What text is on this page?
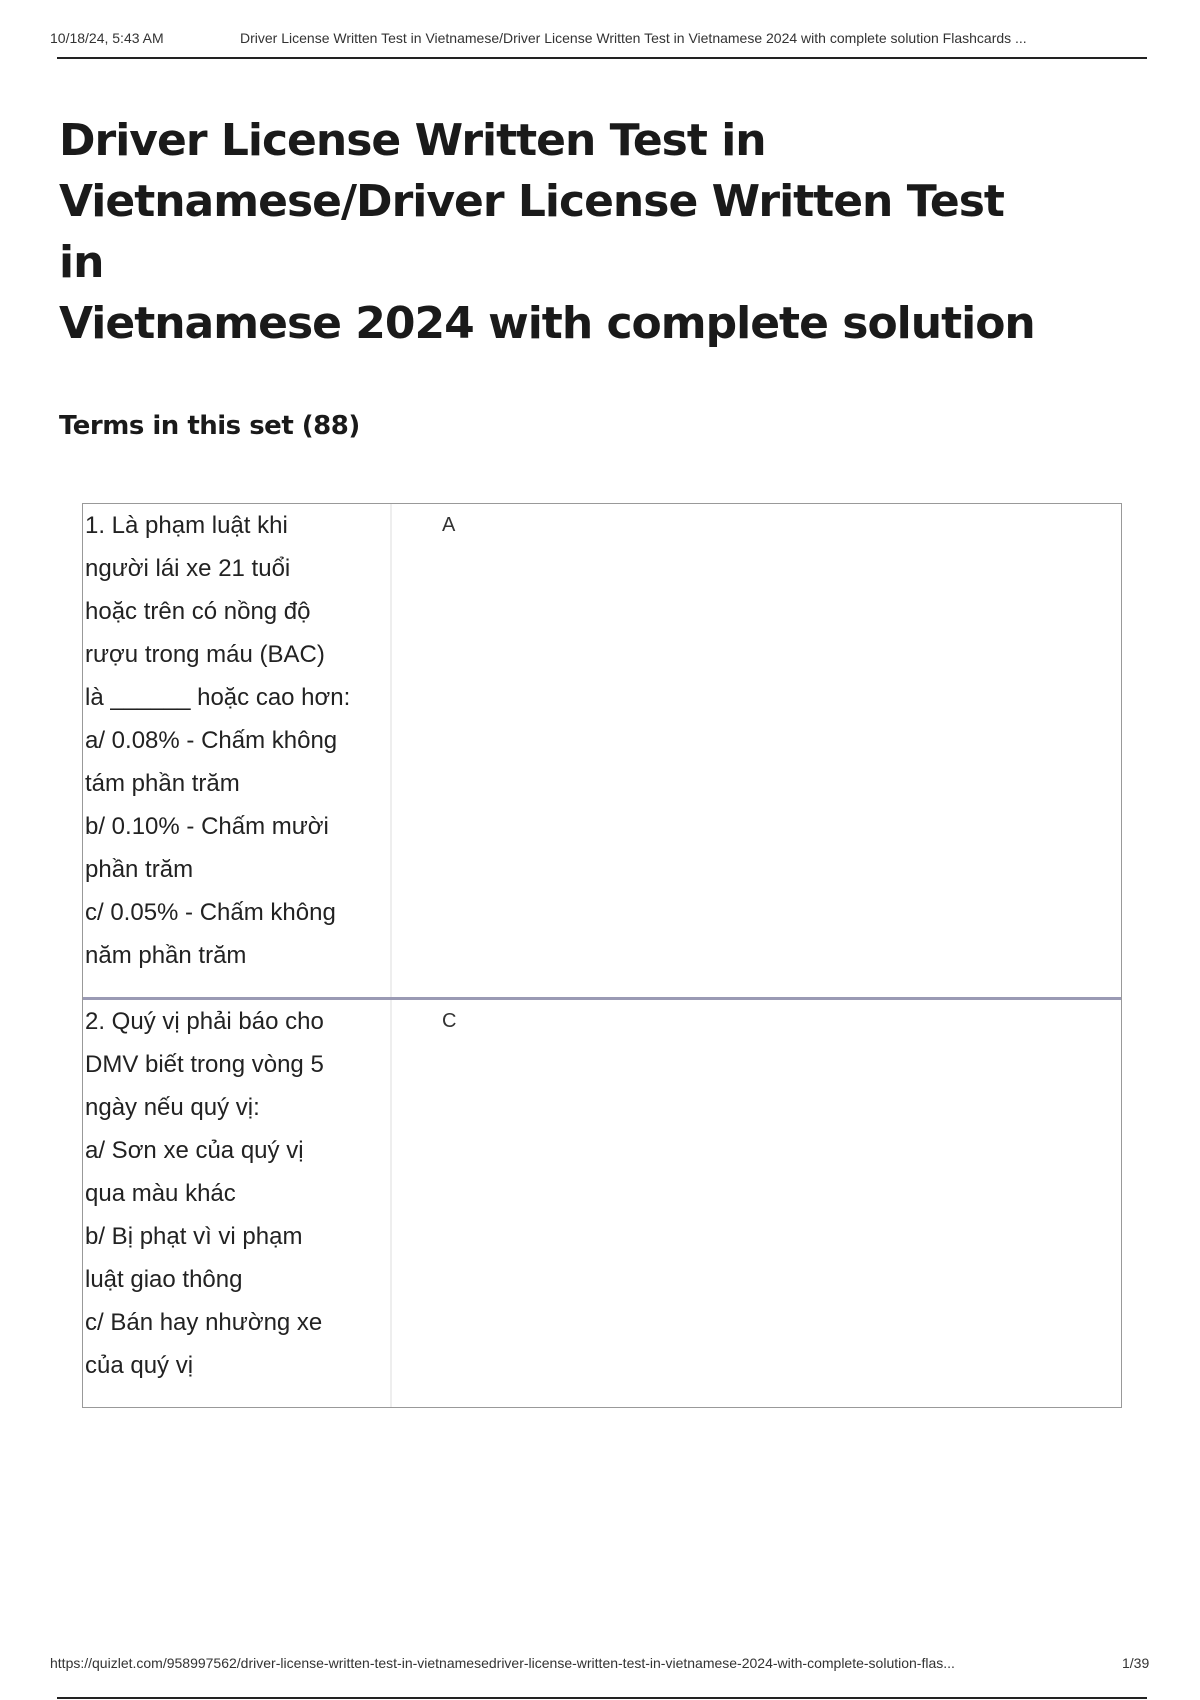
10/18/24, 5:43 AM	Driver License Written Test in Vietnamese/Driver License Written Test in Vietnamese 2024 with complete solution Flashcards ...
Driver License Written Test in
Vietnamese/Driver License Written Test in
Vietnamese 2024 with complete solution
Terms in this set (88)
1. Là phạm luật khi
người lái xe 21 tuổi
hoặc trên có nồng độ
rượu trong máu (BAC)
là ______ hoặc cao hơn:
a/ 0.08% - Chấm không
tám phần trăm
b/ 0.10% - Chấm mười
phần trăm
c/ 0.05% - Chấm không
năm phần trăm
A
2. Quý vị phải báo cho
DMV biết trong vòng 5
ngày nếu quý vị:
a/ Sơn xe của quý vị
qua màu khác
b/ Bị phạt vì vi phạm
luật giao thông
c/ Bán hay nhường xe
của quý vị
C
https://quizlet.com/958997562/driver-license-written-test-in-vietnamesedriver-license-written-test-in-vietnamese-2024-with-complete-solution-flas...	1/39
